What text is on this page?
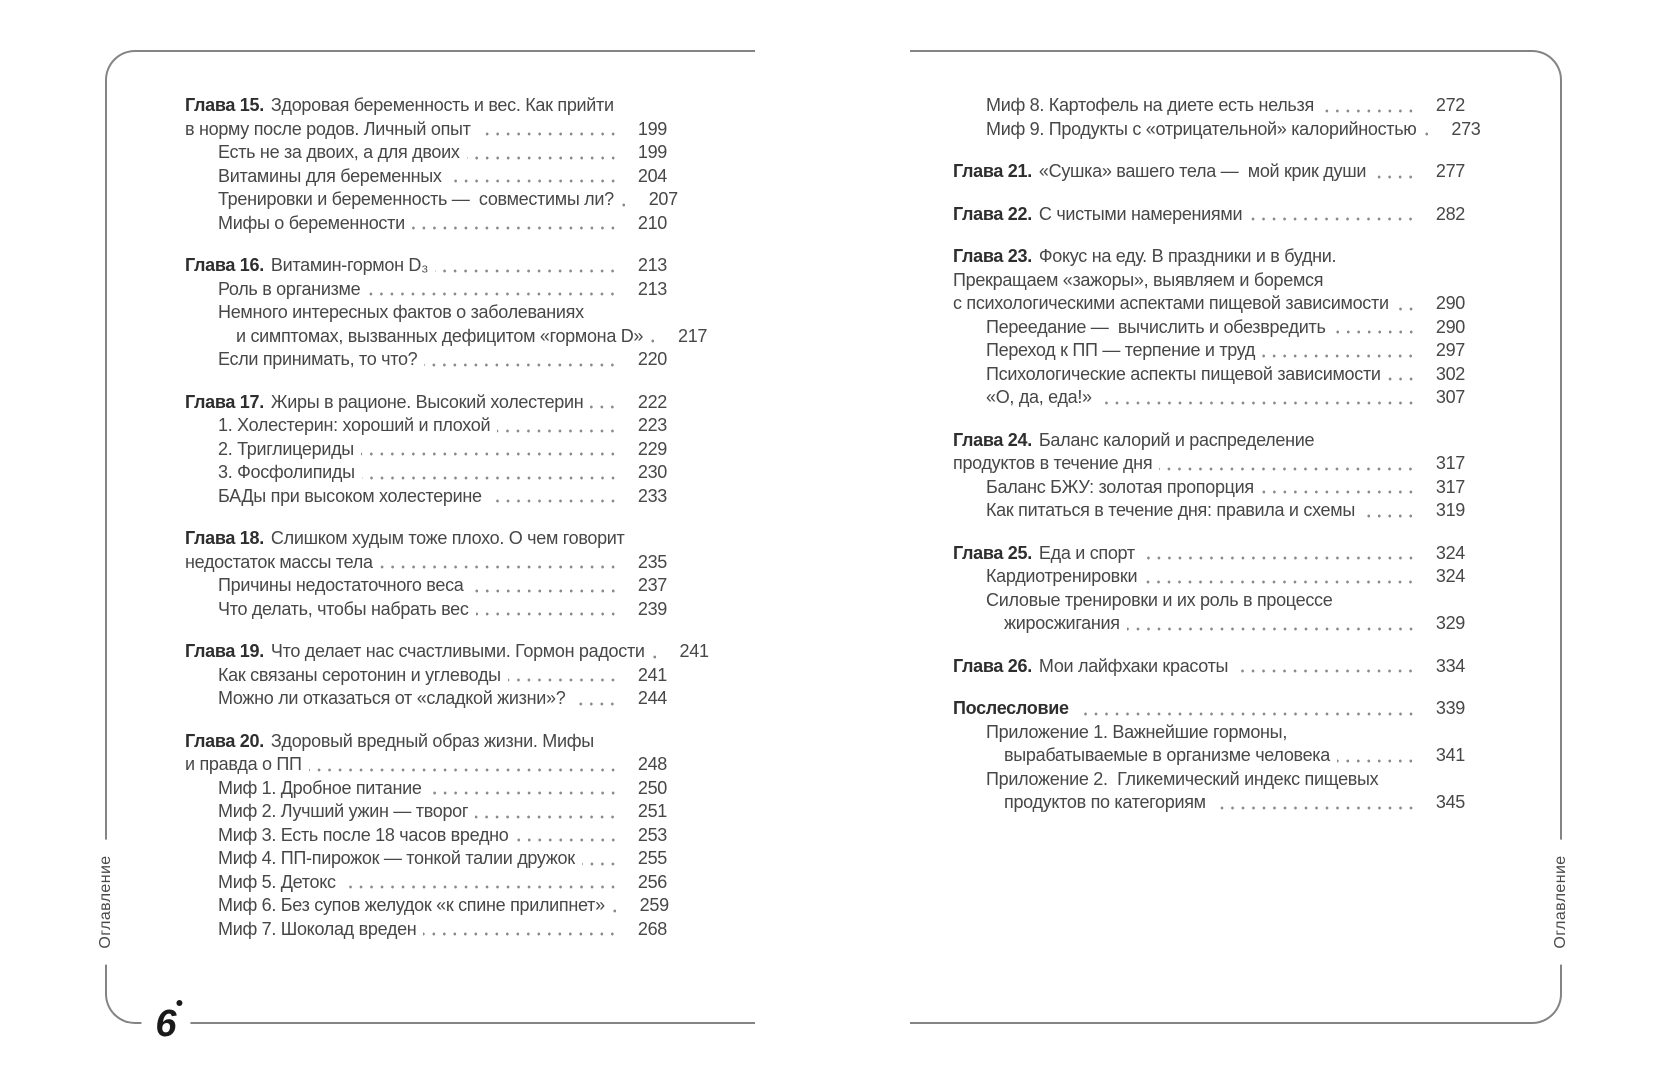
Глава 15. Здоровая беременность и вес. Как прийти
в норму после родов. Личный опыт	199
Есть не за двоих, а для двоих	199
Витамины для беременных	204
Тренировки и беременность —  совместимы ли?	207
Мифы о беременности	210
Глава 16. Витамин-гормон D₃	213
Роль в организме	213
Немного интересных фактов о заболеваниях
и симптомах, вызванных дефицитом «гормона D»	217
Если принимать, то что?	220
Глава 17. Жиры в рационе. Высокий холестерин	222
1. Холестерин: хороший и плохой	223
2. Триглицериды	229
3. Фосфолипиды	230
БАДы при высоком холестерине	233
Глава 18. Слишком худым тоже плохо. О чем говорит
недостаток массы тела	235
Причины недостаточного веса	237
Что делать, чтобы набрать вес	239
Глава 19. Что делает нас счастливыми. Гормон радости	241
Как связаны серотонин и углеводы	241
Можно ли отказаться от «сладкой жизни»?	244
Глава 20. Здоровый вредный образ жизни. Мифы
и правда о ПП	248
Миф 1. Дробное питание	250
Миф 2. Лучший ужин — творог	251
Миф 3. Есть после 18 часов вредно	253
Миф 4. ПП-пирожок — тонкой талии дружок	255
Миф 5. Детокс	256
Миф 6. Без супов желудок «к спине прилипнет»	259
Миф 7. Шоколад вреден	268
Миф 8. Картофель на диете есть нельзя	272
Миф 9. Продукты с «отрицательной» калорийностью	273
Глава 21. «Сушка» вашего тела —  мой крик души	277
Глава 22. С чистыми намерениями	282
Глава 23. Фокус на еду. В праздники и в будни.
Прекращаем «зажоры», выявляем и боремся
с психологическими аспектами пищевой зависимости	290
Переедание —  вычислить и обезвредить	290
Переход к ПП — терпение и труд	297
Психологические аспекты пищевой зависимости	302
«О, да, еда!»	307
Глава 24. Баланс калорий и распределение
продуктов в течение дня	317
Баланс БЖУ: золотая пропорция	317
Как питаться в течение дня: правила и схемы	319
Глава 25. Еда и спорт	324
Кардиотренировки	324
Силовые тренировки и их роль в процессе
жиросжигания	329
Глава 26. Мои лайфхаки красоты	334
Послесловие	339
Приложение 1. Важнейшие гормоны,
вырабатываемые в организме человека	341
Приложение 2.  Гликемический индекс пищевых
продуктов по категориям	345
Оглавление	Оглавление
6
